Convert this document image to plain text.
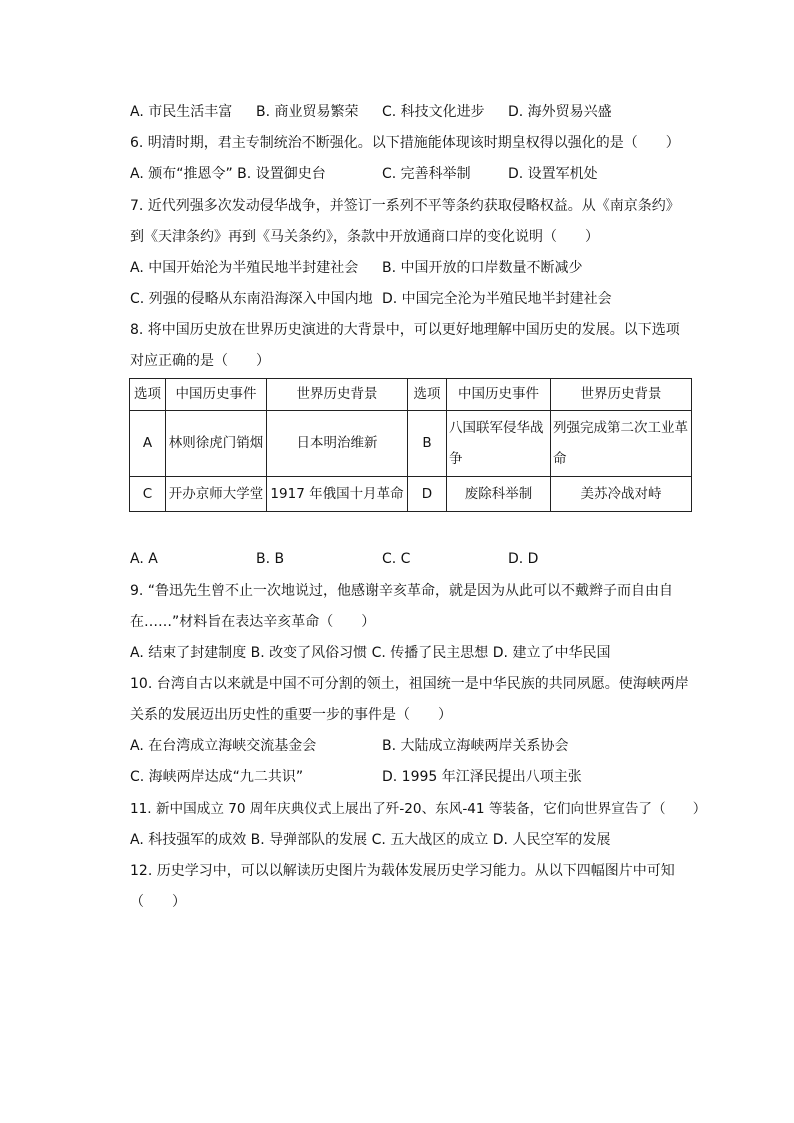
A. 市民生活丰富 B. 商业贸易繁荣 C. 科技文化进步 D. 海外贸易兴盛
6. 明清时期，君主专制统治不断强化。以下措施能体现该时期皇权得以强化的是（　　）
A. 颁布“推恩令” B. 设置御史台	C. 完善科举制	D. 设置军机处
7. 近代列强多次发动侵华战争，并签订一系列不平等条约获取侵略权益。从《南京条约》
到《天津条约》再到《马关条约》，条款中开放通商口岸的变化说明（　　）
A. 中国开始沦为半殖民地半封建社会 B. 中国开放的口岸数量不断减少
C. 列强的侵略从东南沿海深入中国内地 D. 中国完全沦为半殖民地半封建社会
8. 将中国历史放在世界历史演进的大背景中，可以更好地理解中国历史的发展。以下选项
对应正确的是（　　）
选项	中国历史事件	世界历史背景	选项	中国历史事件	世界历史背景
A	林则徐虎门销烟	日本明治维新	B	八国联军侵华战争	列强完成第二次工业革命
C	开办京师大学堂	1917 年俄国十月革命	D	废除科举制	美苏冷战对峙
A. A	B. B	C. C	D. D
9. “鲁迅先生曾不止一次地说过，他感谢辛亥革命，就是因为从此可以不戴辫子而自由自
在……”材料旨在表达辛亥革命（　　）
A. 结束了封建制度 B. 改变了风俗习惯 C. 传播了民主思想 D. 建立了中华民国
10. 台湾自古以来就是中国不可分割的领土，祖国统一是中华民族的共同夙愿。使海峡两岸
关系的发展迈出历史性的重要一步的事件是（　　）
A. 在台湾成立海峡交流基金会	B. 大陆成立海峡两岸关系协会
C. 海峡两岸达成“九二共识”	D. 1995 年江泽民提出八项主张
11. 新中国成立 70 周年庆典仪式上展出了歼-20、东风-41 等装备，它们向世界宣告了（　　）
A. 科技强军的成效 B. 导弹部队的发展 C. 五大战区的成立 D. 人民空军的发展
12. 历史学习中，可以以解读历史图片为载体发展历史学习能力。从以下四幅图片中可知
（　　）
